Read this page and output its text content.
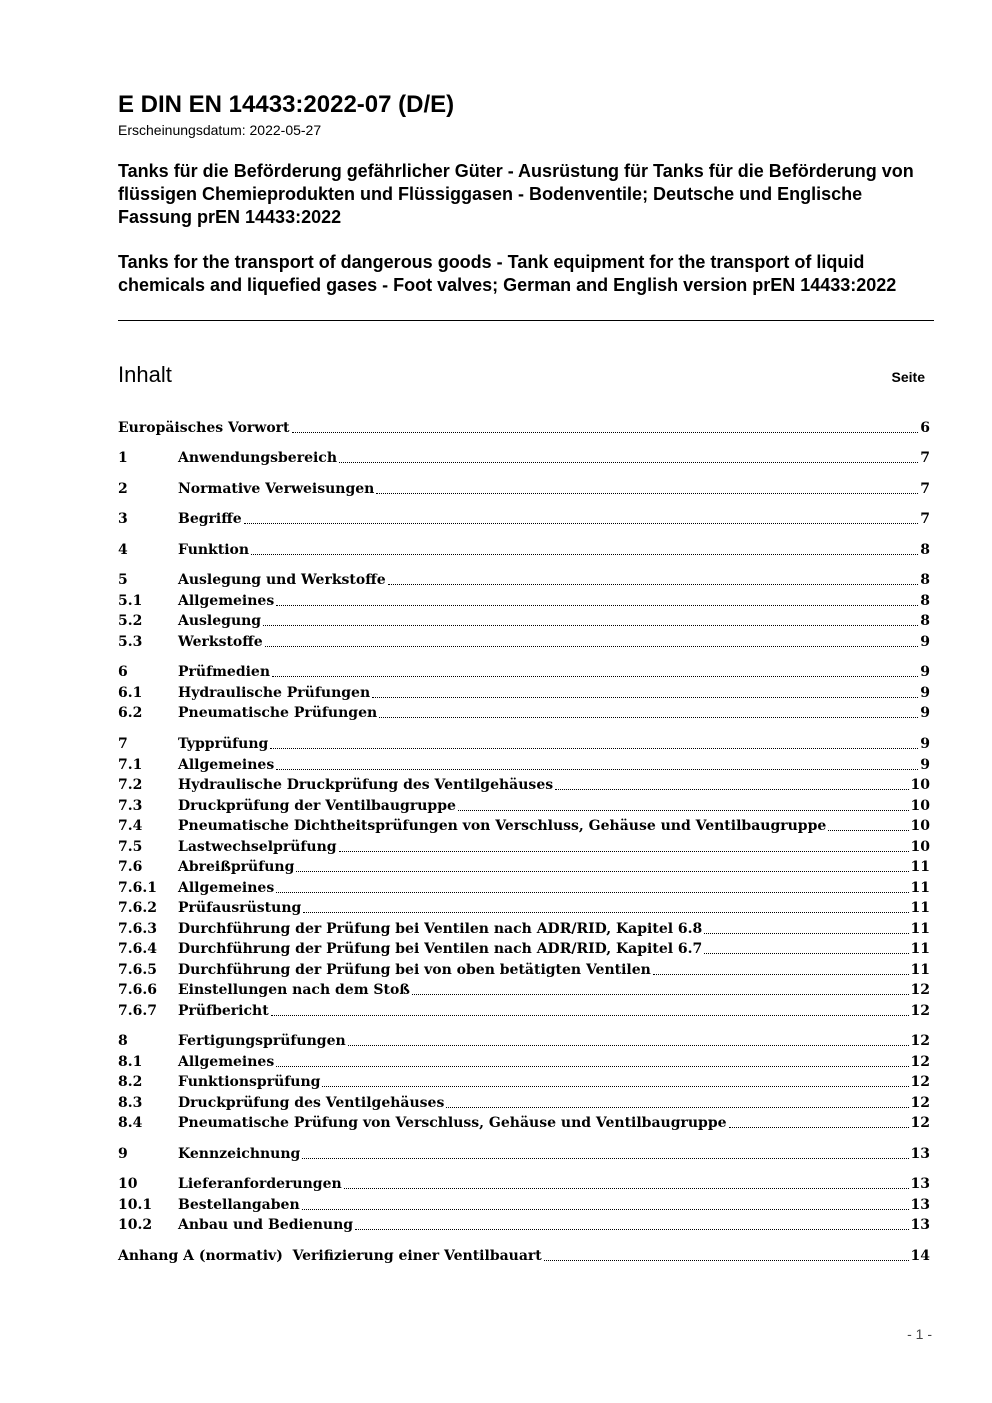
E DIN EN 14433:2022-07 (D/E)
Erscheinungsdatum: 2022-05-27
Tanks für die Beförderung gefährlicher Güter - Ausrüstung für Tanks für die Beförderung von flüssigen Chemieprodukten und Flüssiggasen - Bodenventile; Deutsche und Englische Fassung prEN 14433:2022
Tanks for the transport of dangerous goods - Tank equipment for the transport of liquid chemicals and liquefied gases - Foot valves; German and English version prEN 14433:2022
Inhalt	Seite
Europäisches Vorwort	6
1	Anwendungsbereich	7
2	Normative Verweisungen	7
3	Begriffe	7
4	Funktion	8
5	Auslegung und Werkstoffe	8
5.1	Allgemeines	8
5.2	Auslegung	8
5.3	Werkstoffe	9
6	Prüfmedien	9
6.1	Hydraulische Prüfungen	9
6.2	Pneumatische Prüfungen	9
7	Typprüfung	9
7.1	Allgemeines	9
7.2	Hydraulische Druckprüfung des Ventilgehäuses	10
7.3	Druckprüfung der Ventilbaugruppe	10
7.4	Pneumatische Dichtheitsprüfungen von Verschluss, Gehäuse und Ventilbaugruppe	10
7.5	Lastwechselprüfung	10
7.6	Abreißprüfung	11
7.6.1	Allgemeines	11
7.6.2	Prüfausrüstung	11
7.6.3	Durchführung der Prüfung bei Ventilen nach ADR/RID, Kapitel 6.8	11
7.6.4	Durchführung der Prüfung bei Ventilen nach ADR/RID, Kapitel 6.7	11
7.6.5	Durchführung der Prüfung bei von oben betätigten Ventilen	11
7.6.6	Einstellungen nach dem Stoß	12
7.6.7	Prüfbericht	12
8	Fertigungsprüfungen	12
8.1	Allgemeines	12
8.2	Funktionsprüfung	12
8.3	Druckprüfung des Ventilgehäuses	12
8.4	Pneumatische Prüfung von Verschluss, Gehäuse und Ventilbaugruppe	12
9	Kennzeichnung	13
10	Lieferanforderungen	13
10.1	Bestellangaben	13
10.2	Anbau und Bedienung	13
Anhang A (normativ)  Verifizierung einer Ventilbauart	14
- 1 -
